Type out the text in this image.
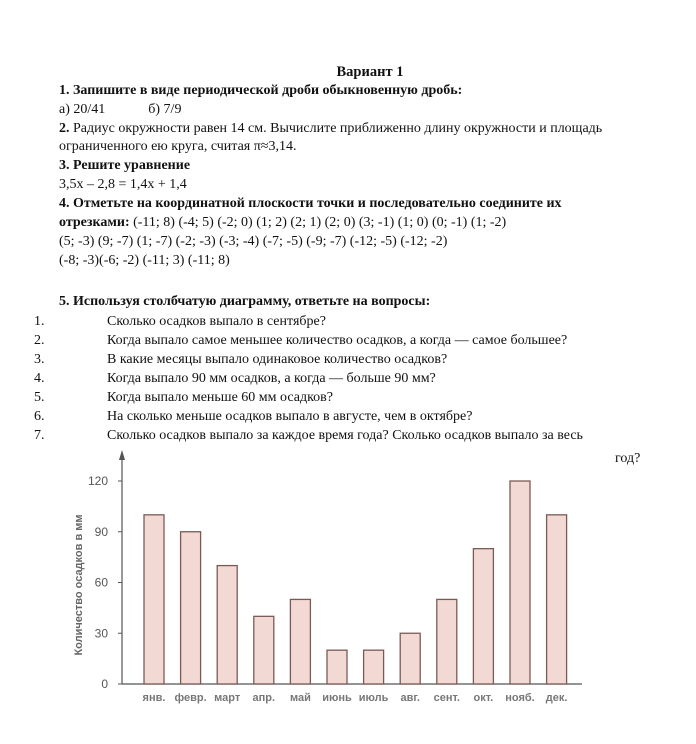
Вариант 1
1. Запишите в виде периодической дроби обыкновенную дробь:
а) 20/41	б) 7/9
2. Радиус окружности равен 14 см. Вычислите приближенно длину окружности и площадь
ограниченного ею круга, считая π≈3,14.
3. Решите уравнение
3,5x – 2,8 = 1,4x + 1,4
4. Отметьте на координатной плоскости точки и последовательно соедините их
отрезками: (-11; 8) (-4; 5) (-2; 0) (1; 2) (2; 1) (2; 0) (3; -1) (1; 0) (0; -1) (1; -2)
(5; -3) (9; -7) (1; -7) (-2; -3) (-3; -4) (-7; -5) (-9; -7) (-12; -5) (-12; -2)
(-8; -3)(-6; -2) (-11; 3) (-11; 8)
5. Используя столбчатую диаграмму, ответьте на вопросы:
1.	Сколько осадков выпало в сентябре?
2.	Когда выпало самое меньшее количество осадков, а когда — самое большее?
3.	В какие месяцы выпало одинаковое количество осадков?
4.	Когда выпало 90 мм осадков, а когда — больше 90 мм?
5.	Когда выпало меньше 60 мм осадков?
6.	На сколько меньше осадков выпало в августе, чем в октябре?
7.	Сколько осадков выпало за каждое время года? Сколько осадков выпало за весь
год?
0
30
60
90
120
Количество осадков в мм
янв. февр. март апр. май июнь июль авг. сент. окт. нояб. дек.
